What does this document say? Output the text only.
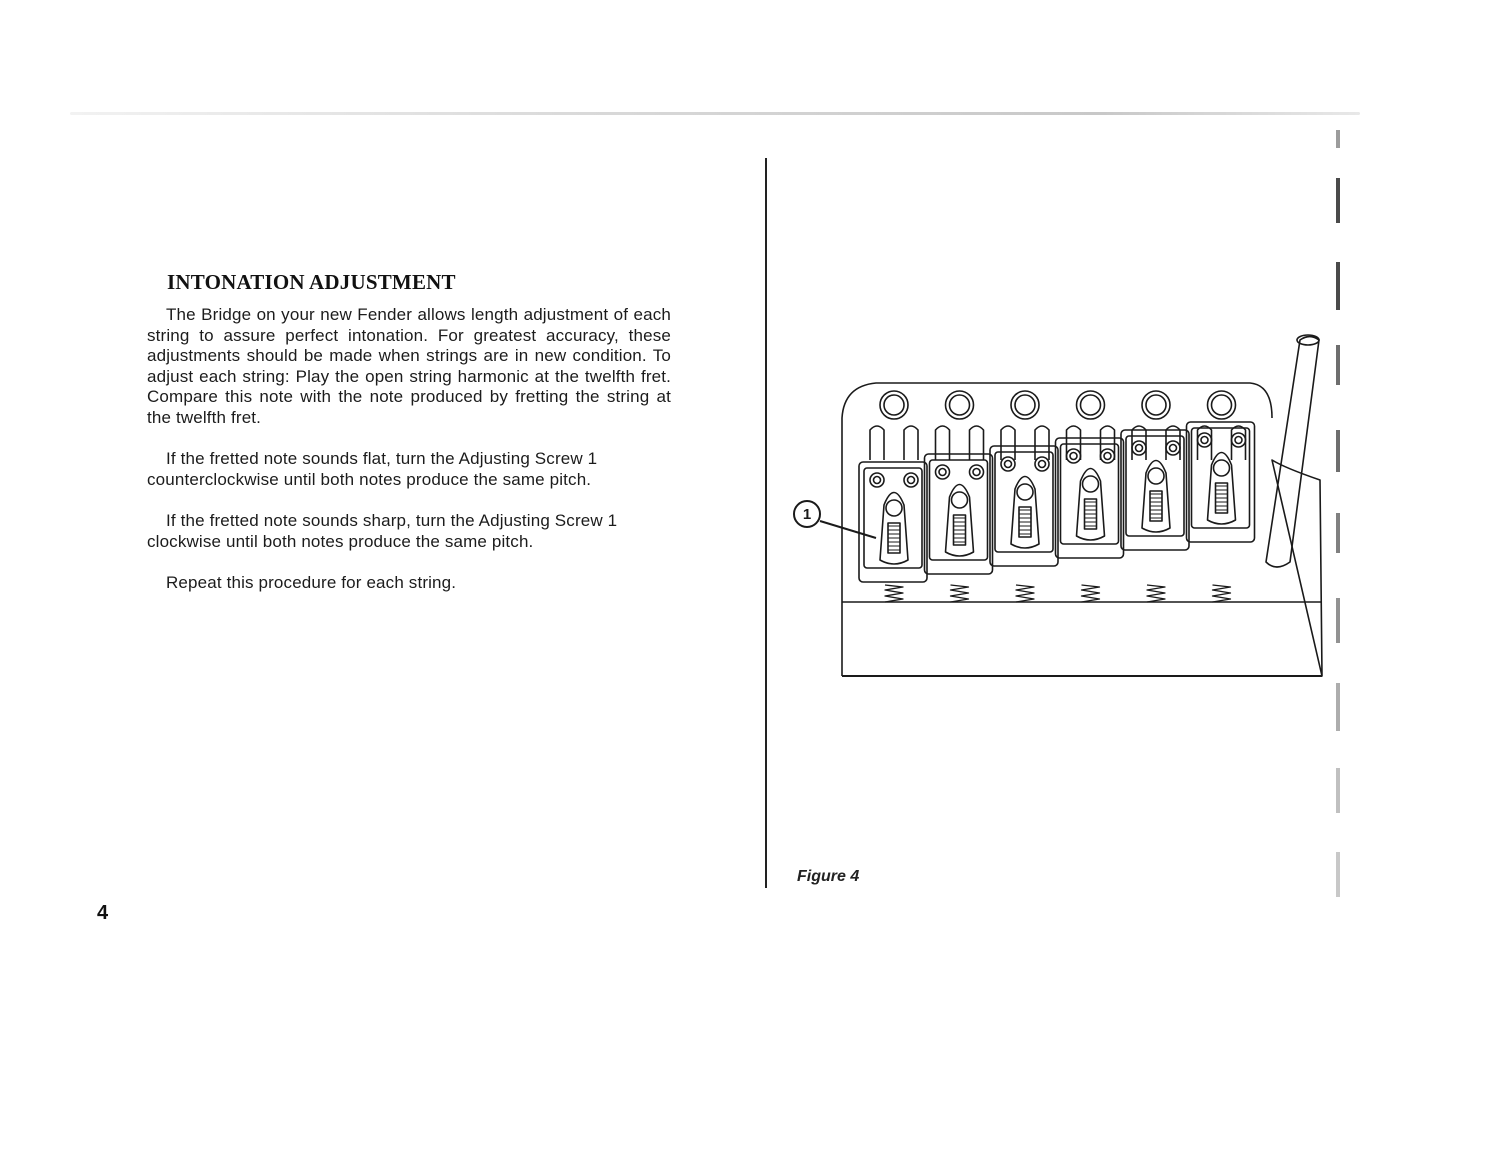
INTONATION ADJUSTMENT

The Bridge on your new Fender allows length adjustment of each string to assure perfect intonation. For greatest accuracy, these adjustments should be made when strings are in new condition. To adjust each string: Play the open string harmonic at the twelfth fret. Compare this note with the note produced by fretting the string at the twelfth fret.

If the fretted note sounds flat, turn the Adjusting Screw 1 counterclockwise until both notes produce the same pitch.

If the fretted note sounds sharp, turn the Adjusting Screw 1 clockwise until both notes produce the same pitch.

Repeat this procedure for each string.

4
1
Figure 4
